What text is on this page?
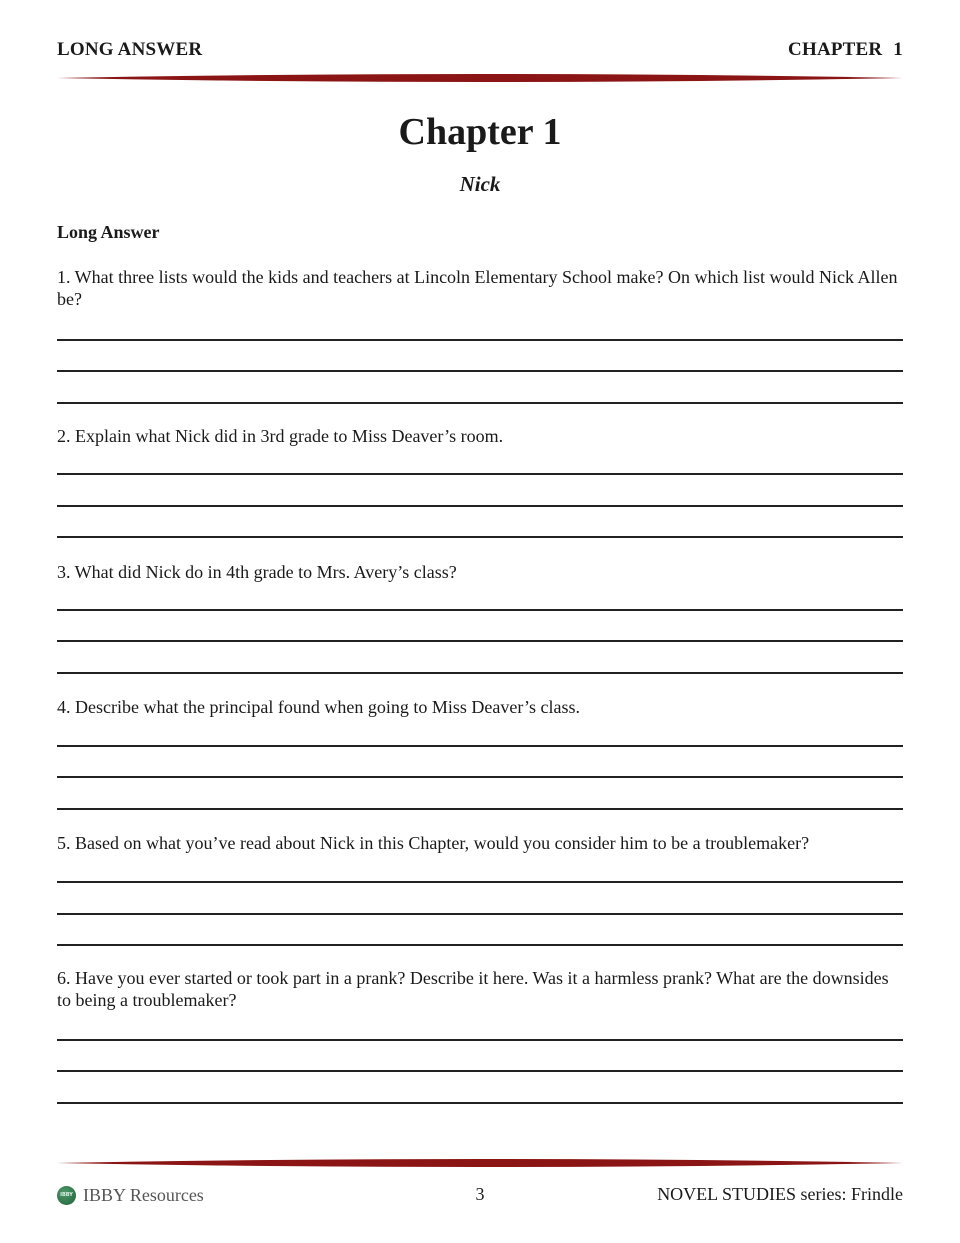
LONG ANSWER	CHAPTER 1
Chapter 1
Nick
Long Answer
1. What three lists would the kids and teachers at Lincoln Elementary School make? On which list would Nick Allen be?
2. Explain what Nick did in 3rd grade to Miss Deaver’s room.
3. What did Nick do in 4th grade to Mrs. Avery’s class?
4. Describe what the principal found when going to Miss Deaver’s class.
5. Based on what you’ve read about Nick in this Chapter, would you consider him to be a troublemaker?
6. Have you ever started or took part in a prank? Describe it here. Was it a harmless prank? What are the downsides to being a troublemaker?
IBBY IBBY Resources	3	NOVEL STUDIES series: Frindle
